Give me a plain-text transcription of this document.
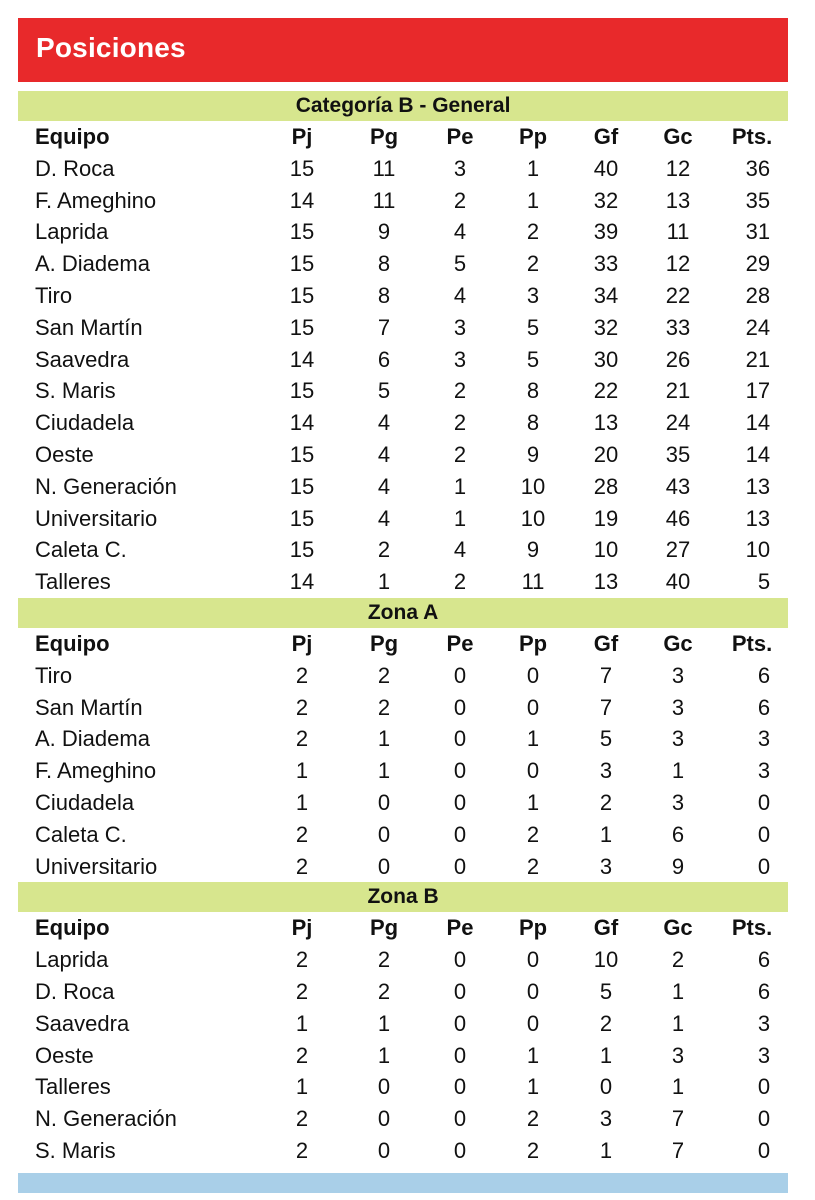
Posiciones
Categoría B - General							
Equipo	Pj	Pg	Pe	Pp	Gf	Gc	Pts.
D. Roca	15	11	3	1	40	12	36
F. Ameghino	14	11	2	1	32	13	35
Laprida	15	9	4	2	39	11	31
A. Diadema	15	8	5	2	33	12	29
Tiro	15	8	4	3	34	22	28
San Martín	15	7	3	5	32	33	24
Saavedra	14	6	3	5	30	26	21
S. Maris	15	5	2	8	22	21	17
Ciudadela	14	4	2	8	13	24	14
Oeste	15	4	2	9	20	35	14
N. Generación	15	4	1	10	28	43	13
Universitario	15	4	1	10	19	46	13
Caleta C.	15	2	4	9	10	27	10
Talleres	14	1	2	11	13	40	5
Zona A							
Equipo	Pj	Pg	Pe	Pp	Gf	Gc	Pts.
Tiro	2	2	0	0	7	3	6
San Martín	2	2	0	0	7	3	6
A. Diadema	2	1	0	1	5	3	3
F. Ameghino	1	1	0	0	3	1	3
Ciudadela	1	0	0	1	2	3	0
Caleta C.	2	0	0	2	1	6	0
Universitario	2	0	0	2	3	9	0
Zona B							
Equipo	Pj	Pg	Pe	Pp	Gf	Gc	Pts.
Laprida	2	2	0	0	10	2	6
D. Roca	2	2	0	0	5	1	6
Saavedra	1	1	0	0	2	1	3
Oeste	2	1	0	1	1	3	3
Talleres	1	0	0	1	0	1	0
N. Generación	2	0	0	2	3	7	0
S. Maris	2	0	0	2	1	7	0
